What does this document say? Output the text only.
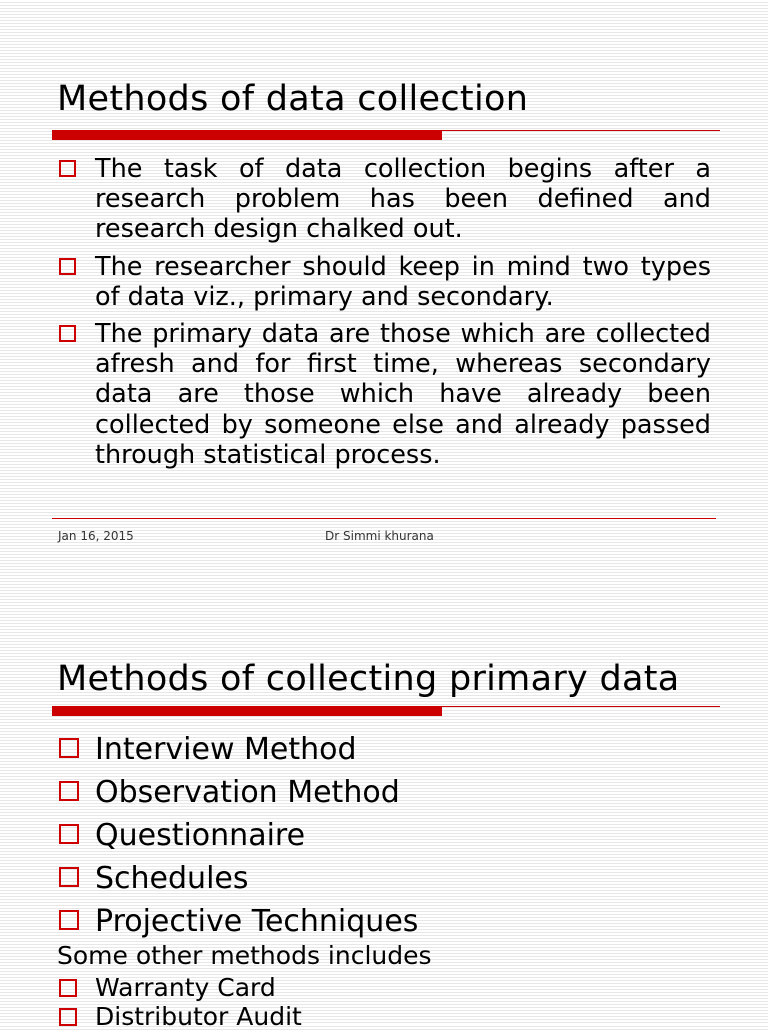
Methods of data collection
The task of data collection begins after a research problem has been defined and research design chalked out.
The researcher should keep in mind two types of data viz., primary and secondary.
The primary data are those which are collected afresh and for first time, whereas secondary data are those which have already been collected by someone else and already passed through statistical process.
Jan 16, 2015	Dr Simmi khurana
Methods of collecting primary data
Interview Method
Observation Method
Questionnaire
Schedules
Projective Techniques

Some other methods includes

Warranty Card
Distributor Audit
